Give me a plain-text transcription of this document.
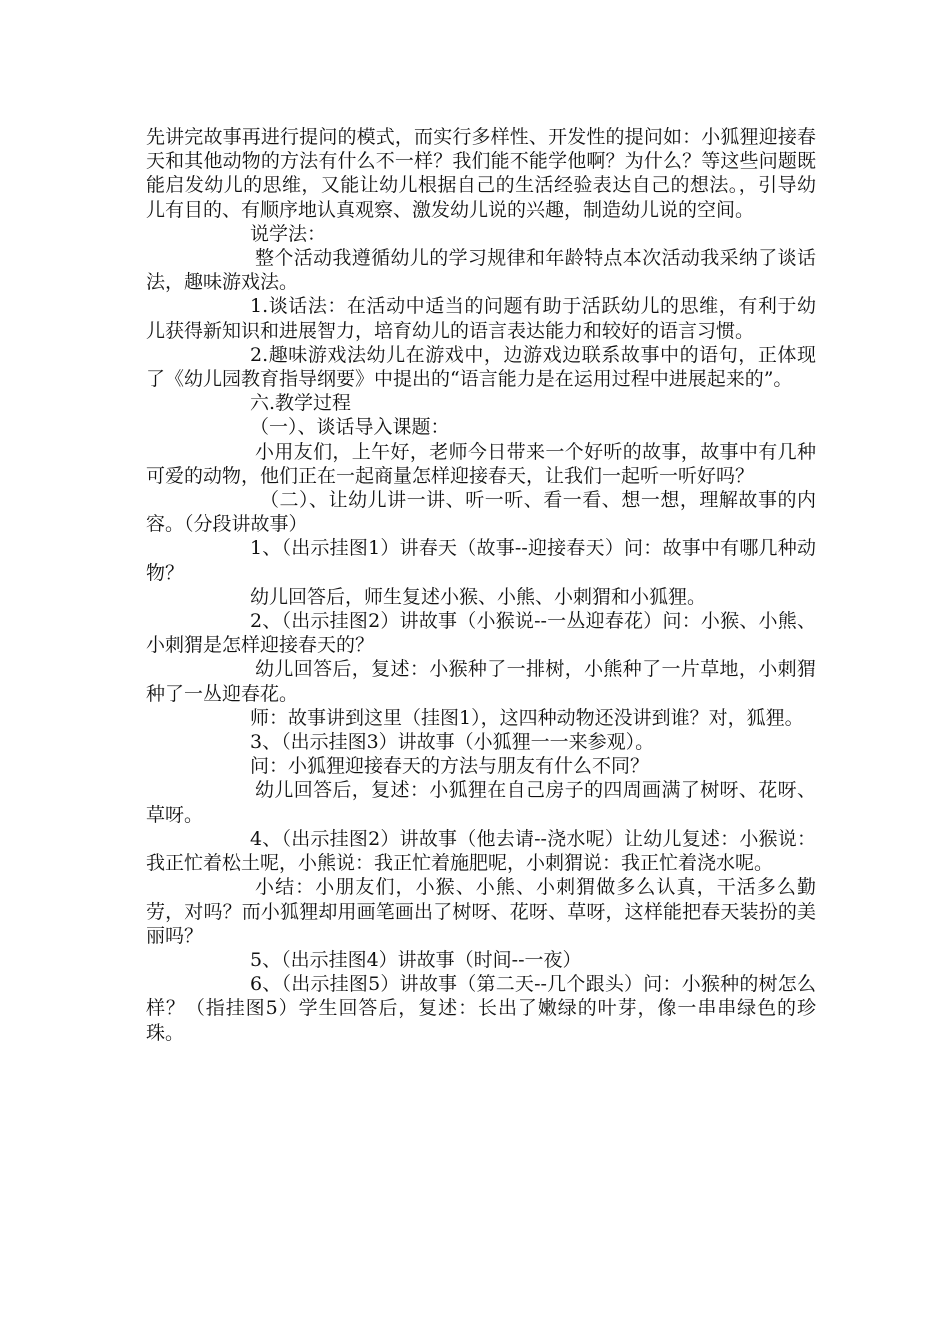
先讲完故事再进行提问的模式，而实行多样性、开发性的提问如：小狐狸迎接春天和其他动物的方法有什么不一样？我们能不能学他啊？为什么？等这些问题既能启发幼儿的思维，又能让幼儿根据自己的生活经验表达自己的想法。，引导幼儿有目的、有顺序地认真观察、激发幼儿说的兴趣，制造幼儿说的空间。

说学法：

整个活动我遵循幼儿的学习规律和年龄特点本次活动我采纳了谈话法，趣味游戏法。

1.谈话法：在活动中适当的问题有助于活跃幼儿的思维，有利于幼儿获得新知识和进展智力，培育幼儿的语言表达能力和较好的语言习惯。

2.趣味游戏法幼儿在游戏中，边游戏边联系故事中的语句，正体现了《幼儿园教育指导纲要》中提出的“语言能力是在运用过程中进展起来的”。

六.教学过程

（一）、谈话导入课题：

小用友们，上午好，老师今日带来一个好听的故事，故事中有几种可爱的动物，他们正在一起商量怎样迎接春天，让我们一起听一听好吗？

（二）、让幼儿讲一讲、听一听、看一看、想一想，理解故事的内容。（分段讲故事）

1、（出示挂图1）讲春天（故事--迎接春天）问：故事中有哪几种动物？

幼儿回答后，师生复述小猴、小熊、小刺猬和小狐狸。

2、（出示挂图2）讲故事（小猴说--一丛迎春花）问：小猴、小熊、小刺猬是怎样迎接春天的？

幼儿回答后，复述：小猴种了一排树，小熊种了一片草地，小刺猬种了一丛迎春花。

师：故事讲到这里（挂图1），这四种动物还没讲到谁？对，狐狸。

3、（出示挂图3）讲故事（小狐狸一一来参观）。

问：小狐狸迎接春天的方法与朋友有什么不同？

幼儿回答后，复述：小狐狸在自己房子的四周画满了树呀、花呀、草呀。

4、（出示挂图2）讲故事（他去请--浇水呢）让幼儿复述：小猴说：我正忙着松土呢，小熊说：我正忙着施肥呢，小刺猬说：我正忙着浇水呢。

小结：小朋友们，小猴、小熊、小刺猬做多么认真，干活多么勤劳，对吗？而小狐狸却用画笔画出了树呀、花呀、草呀，这样能把春天装扮的美丽吗？

5、（出示挂图4）讲故事（时间--一夜）

6、（出示挂图5）讲故事（第二天--几个跟头）问：小猴种的树怎么样？（指挂图5）学生回答后，复述：长出了嫩绿的叶芽，像一串串绿色的珍珠。
